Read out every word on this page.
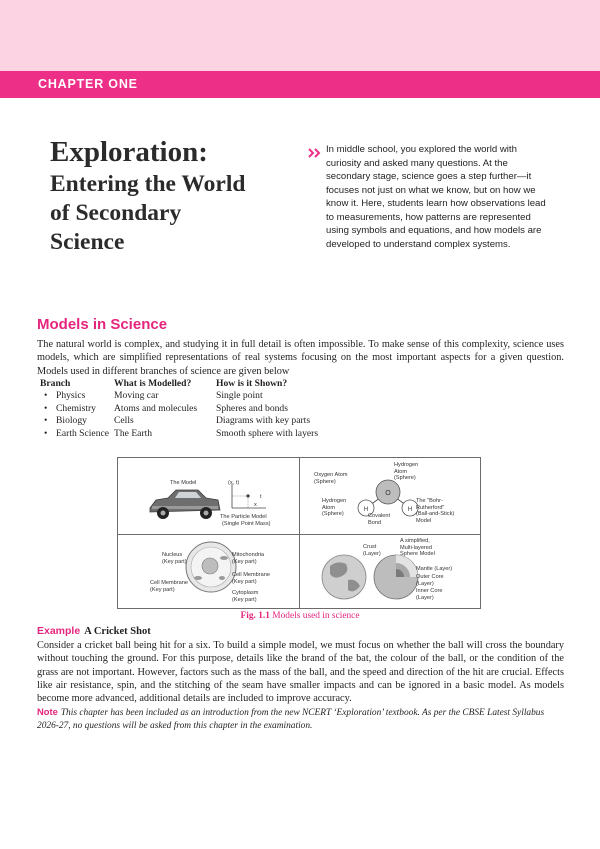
CHAPTER ONE
Exploration:
Entering the World
of Secondary
Science
In middle school, you explored the world with curiosity and asked many questions. At the secondary stage, science goes a step further—it focuses not just on what we know, but on how we know it. Here, students learn how observations lead to measurements, how patterns are represented using symbols and equations, and how models are developed to understand complex systems.
Models in Science
The natural world is complex, and studying it in full detail is often impossible. To make sense of this complexity, science uses models, which are simplified representations of real systems focusing on the most important aspects for a given question. Models used in different branches of science are given below
Branch	What is Modelled?	How is it Shown?
• Physics	Moving car	Single point
• Chemistry	Atoms and molecules	Spheres and bonds
• Biology	Cells	Diagrams with key parts
• Earth Science	The Earth	Smooth sphere with layers
The Model	(x, t)
t
x
The Particle Model
(Single Point Mass)
O
H	H
Oxygen Atom
(Sphere)
Hydrogen
Atom
(Sphere)
Hydrogen
Atom
(Sphere)	Covalent
Bond
The "Bohr-
Rutherford"
(Ball-and-Stick)
Model
Nucleus
(Key part)
Mitochondria
(Key part)
Cell Membrane
(Key part)
Cell Membrane
(Key part)
Cytoplasm
(Key part)
Crust
(Layer)
A simplified,
Multi-layered
Sphere Model
Mantle (Layer)
Outer Core
(Layer)
Inner Core
(Layer)
Fig. 1.1 Models used in science
Example A Cricket Shot
Consider a cricket ball being hit for a six. To build a simple model, we must focus on whether the ball will cross the boundary without touching the ground. For this purpose, details like the brand of the bat, the colour of the ball, or the condition of the grass are not important. However, factors such as the mass of the ball, and the speed and direction of the hit are crucial. Effects like air resistance, spin, and the stitching of the seam have smaller impacts and can be ignored in a basic model. As models become more advanced, additional details are included to improve accuracy.
Note This chapter has been included as an introduction from the new NCERT ‘Exploration’ textbook. As per the CBSE Latest Syllabus 2026-27, no questions will be asked from this chapter in the examination.
